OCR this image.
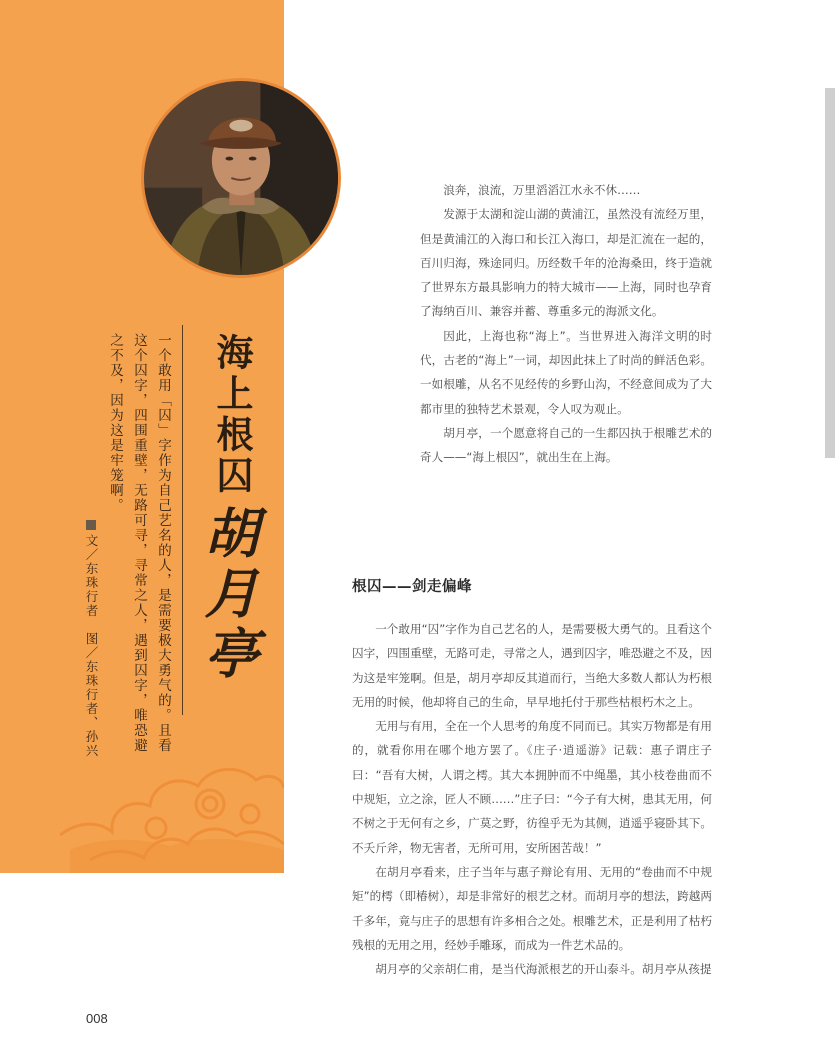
海上根囚
胡月亭
一个敢用「囚」字作为自己艺名的人，是需要极大勇气的。且看这个囚字，四围重壁，无路可寻，寻常之人，遇到囚字，唯恐避之不及，因为这是牢笼啊。
文／东珠行者　图／东珠行者、孙兴

浪奔，浪流，万里滔滔江水永不休……

发源于太湖和淀山湖的黄浦江，虽然没有流经万里，但是黄浦江的入海口和长江入海口，却是汇流在一起的，百川归海，殊途同归。历经数千年的沧海桑田，终于造就了世界东方最具影响力的特大城市——上海，同时也孕育了海纳百川、兼容并蓄、尊重多元的海派文化。

因此，上海也称“海上”。当世界进入海洋文明的时代，古老的“海上”一词，却因此抹上了时尚的鲜活色彩。一如根雕，从名不见经传的乡野山沟，不经意间成为了大都市里的独特艺术景观，令人叹为观止。

胡月亭，一个愿意将自己的一生都囚执于根雕艺术的奇人——“海上根囚”，就出生在上海。

根囚——剑走偏峰

一个敢用“囚”字作为自己艺名的人，是需要极大勇气的。且看这个囚字，四围重壁，无路可走，寻常之人，遇到囚字，唯恐避之不及，因为这是牢笼啊。但是，胡月亭却反其道而行，当绝大多数人都认为朽根无用的时候，他却将自己的生命，早早地托付于那些枯根朽木之上。

无用与有用，全在一个人思考的角度不同而已。其实万物都是有用的，就看你用在哪个地方罢了。《庄子·逍遥游》记载：惠子谓庄子曰：“吾有大树，人谓之樗。其大本拥肿而不中绳墨，其小枝卷曲而不中规矩，立之涂，匠人不顾……”庄子曰：“今子有大树，患其无用，何不树之于无何有之乡，广莫之野，彷徨乎无为其侧，逍遥乎寝卧其下。不夭斤斧，物无害者，无所可用，安所困苦哉！”

在胡月亭看来，庄子当年与惠子辩论有用、无用的“卷曲而不中规矩”的樗（即椿树），却是非常好的根艺之材。而胡月亭的想法，跨越两千多年，竟与庄子的思想有许多相合之处。根雕艺术，正是利用了枯朽残根的无用之用，经妙手雕琢，而成为一件艺术品的。

胡月亭的父亲胡仁甫，是当代海派根艺的开山泰斗。胡月亭从孩提

008
